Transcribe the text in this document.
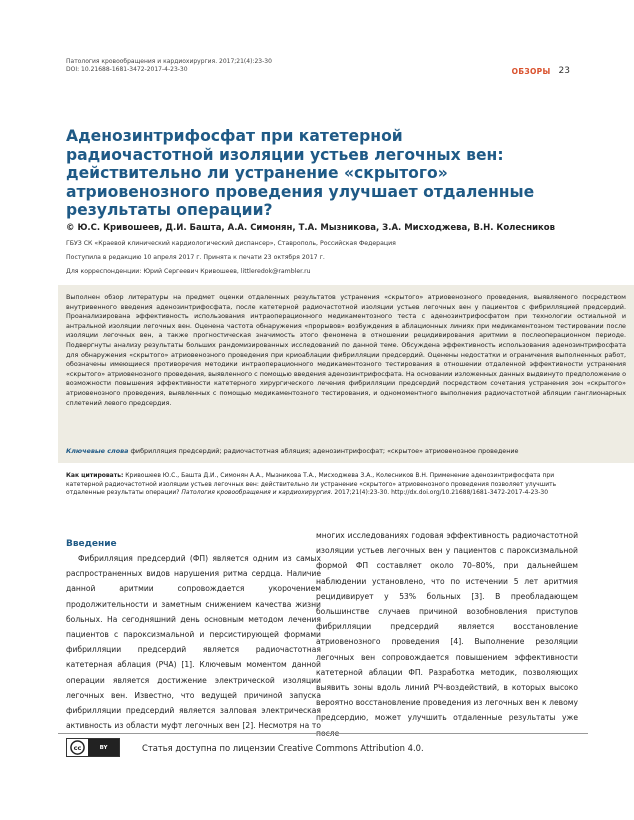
Патология кровообращения и кардиохирургия. 2017;21(4):23-30
DOI: 10.21688-1681-3472-2017-4-23-30	ОБЗОРЫ 23
Аденозинтрифосфат при катетерной радиочастотной изоляции устьев легочных вен: действительно ли устранение «скрытого» атриовенозного проведения улучшает отдаленные результаты операции?
© Ю.С. Кривошеев, Д.И. Башта, А.А. Симонян, Т.А. Мызникова, З.А. Мисходжева, В.Н. Колесников
ГБУЗ СК «Краевой клинический кардиологический диспансер», Ставрополь, Российская Федерация
Поступила в редакцию 10 апреля 2017 г. Принята к печати 23 октября 2017 г.
Для корреспонденции: Юрий Сергеевич Кривошеев, littleredok@rambler.ru
Выполнен обзор литературы на предмет оценки отдаленных результатов устранения «скрытого» атриовенозного проведения, выявляемого посредством внутривенного введения аденозинтрифосфата, после катетерной радиочастотной изоляции устьев легочных вен у пациентов с фибрилляцией предсердий. Проанализирована эффективность использования интраоперационного медикаментозного теста с аденозинтрифосфатом при технологии остиальной и антральной изоляции легочных вен. Оценена частота обнаружения «прорывов» возбуждения в аблационных линиях при медикаментозном тестировании после изоляции легочных вен, а также прогностическая значимость этого феномена в отношении рецидивирования аритмии в послеоперационном периоде. Подвергнуты анализу результаты больших рандомизированных исследований по данной теме. Обсуждена эффективность использования аденозинтрифосфата для обнаружения «скрытого» атриовенозного проведения при криоаблации фибрилляции предсердий. Оценены недостатки и ограничения выполненных работ, обозначены имеющиеся противоречия методики интраоперационного медикаментозного тестирования в отношении отдаленной эффективности устранения «скрытого» атриовенозного проведения, выявленного с помощью введения аденозинтрифосфата. На основании изложенных данных выдвинуто предположение о возможности повышения эффективности катетерного хирургического лечения фибрилляции предсердий посредством сочетания устранения зон «скрытого» атриовенозного проведения, выявленных с помощью медикаментозного тестирования, и одномоментного выполнения радиочастотной абляции ганглионарных сплетений левого предсердия.
Ключевые слова фибрилляция предсердий; радиочастотная абляция; аденозинтрифосфат; «скрытое» атриовенозное проведение
Как цитировать: Кривошеев Ю.С., Башта Д.И., Симонян А.А., Мызникова Т.А., Мисходжева З.А., Колесников В.Н. Применение аденозинтрифосфата при катетерной радиочастотной изоляции устьев легочных вен: действительно ли устранение «скрытого» атриовенозного проведения позволяет улучшить отдаленные результаты операции? Патология кровообращения и кардиохирургия. 2017;21(4):23-30. http://dx.doi.org/10.21688/1681-3472-2017-4-23-30
Введение
Фибрилляция предсердий (ФП) является одним из самых распространенных видов нарушения ритма сердца. Наличие данной аритмии сопровождается укорочением продолжительности и заметным снижением качества жизни больных. На сегодняшний день основным методом лечения пациентов с пароксизмальной и персистирующей формами фибрилляции предсердий является радиочастотная катетерная аблация (РЧА) [1]. Ключевым моментом данной операции является достижение электрической изоляции легочных вен. Известно, что ведущей причиной запуска фибрилляции предсердий является залповая электрическая активность из области муфт легочных вен [2]. Несмотря на то
многих исследованиях годовая эффективность радиочастотной изоляции устьев легочных вен у пациентов с пароксизмальной формой ФП составляет около 70–80%, при дальнейшем наблюдении установлено, что по истечении 5 лет аритмия рецидивирует у 53% больных [3]. В преобладающем большинстве случаев причиной возобновления приступов фибрилляции предсердий является восстановление атриовенозного проведения [4]. Выполнение резоляции легочных вен сопровождается повышением эффективности катетерной аблации ФП. Разработка методик, позволяющих выявить зоны вдоль линий РЧ-воздействий, в которых высоко вероятно восстановление проведения из легочных вен к левому предсердию, может улучшить отдаленные результаты уже
cc	BY	Статья доступна по лицензии Creative Commons Attribution 4.0.
